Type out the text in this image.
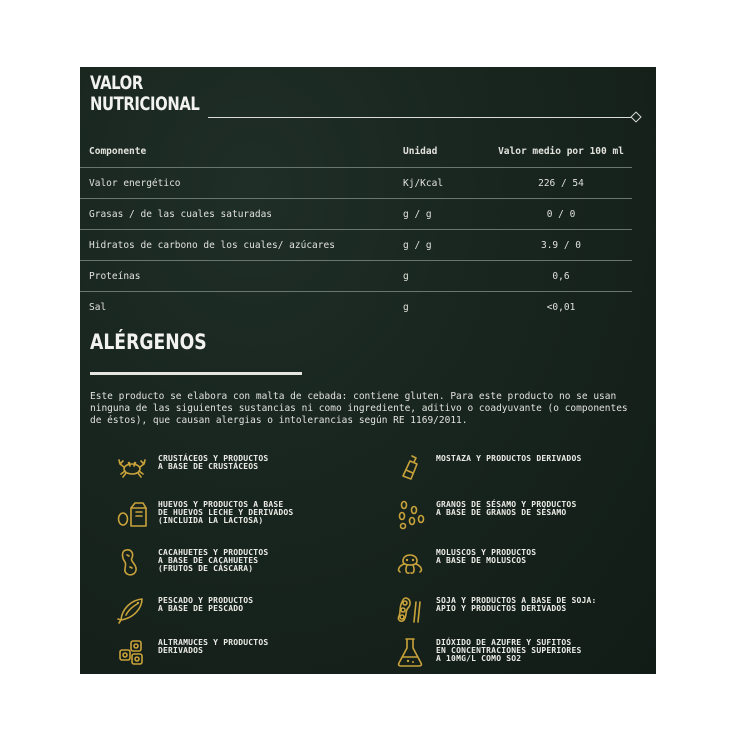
VALOR
NUTRICIONAL
Componente	Unidad	Valor medio por 100 ml
Valor energético	Kj/Kcal	226 / 54
Grasas / de las cuales saturadas	g / g	0 / 0
Hidratos de carbono de los cuales/ azúcares	g / g	3.9 / 0
Proteínas	g	0,6
Sal	g	<0,01
ALÉRGENOS

Este producto se elabora con malta de cebada: contiene gluten. Para este producto no se usan ninguna de las siguientes sustancias ni como ingrediente, aditivo o coadyuvante (o componentes de éstos), que causan alergias o intolerancias según RE 1169/2011.

CRUSTÁCEOS Y PRODUCTOS
A BASE DE CRUSTÁCEOS

MOSTAZA Y PRODUCTOS DERIVADOS

HUEVOS Y PRODUCTOS A BASE
DE HUEVOS LECHE Y DERIVADOS
(INCLUIDA LA LACTOSA)

GRANOS DE SÉSAMO Y PRODUCTOS
A BASE DE GRANOS DE SÉSAMO

CACAHUETES Y PRODUCTOS
A BASE DE CACAHUETES
(FRUTOS DE CÁSCARA)

MOLUSCOS Y PRODUCTOS
A BASE DE MOLUSCOS

PESCADO Y PRODUCTOS
A BASE DE PESCADO

SOJA Y PRODUCTOS A BASE DE SOJA:
APIO Y PRODUCTOS DERIVADOS

ALTRAMUCES Y PRODUCTOS
DERIVADOS

DIÓXIDO DE AZUFRE Y SUFITOS
EN CONCENTRACIONES SUPERIORES
A 10MG/L COMO SO2
